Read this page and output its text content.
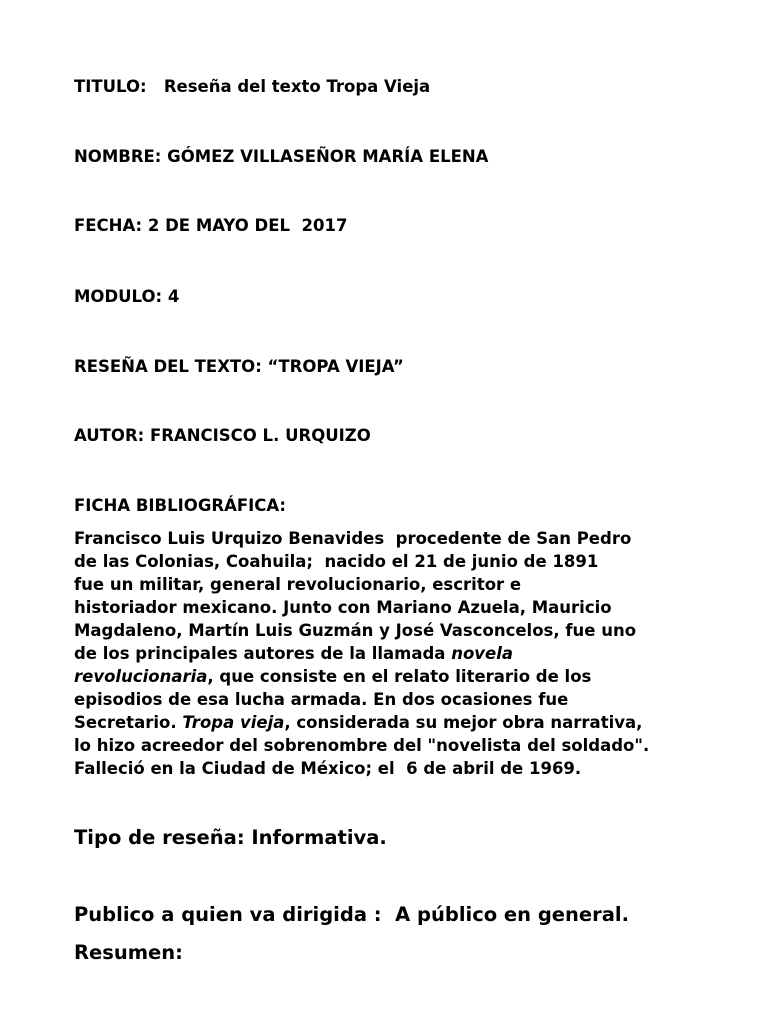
TITULO:   Reseña del texto Tropa Vieja

NOMBRE: GÓMEZ VILLASEÑOR MARÍA ELENA

FECHA: 2 DE MAYO DEL  2017

MODULO: 4

RESEÑA DEL TEXTO: “TROPA VIEJA”

AUTOR: FRANCISCO L. URQUIZO

FICHA BIBLIOGRÁFICA:

Francisco Luis Urquizo Benavides  procedente de San Pedro
de las Colonias, Coahuila;  nacido el 21 de junio de 1891
fue un militar, general revolucionario, escritor e
historiador mexicano. Junto con Mariano Azuela, Mauricio
Magdaleno, Martín Luis Guzmán y José Vasconcelos, fue uno
de los principales autores de la llamada novela
revolucionaria, que consiste en el relato literario de los
episodios de esa lucha armada. En dos ocasiones fue
Secretario. Tropa vieja, considerada su mejor obra narrativa,
lo hizo acreedor del sobrenombre del "novelista del soldado".
Falleció en la Ciudad de México; el  6 de abril de 1969.

Tipo de reseña: Informativa.

Publico a quien va dirigida :  A público en general.

Resumen:
